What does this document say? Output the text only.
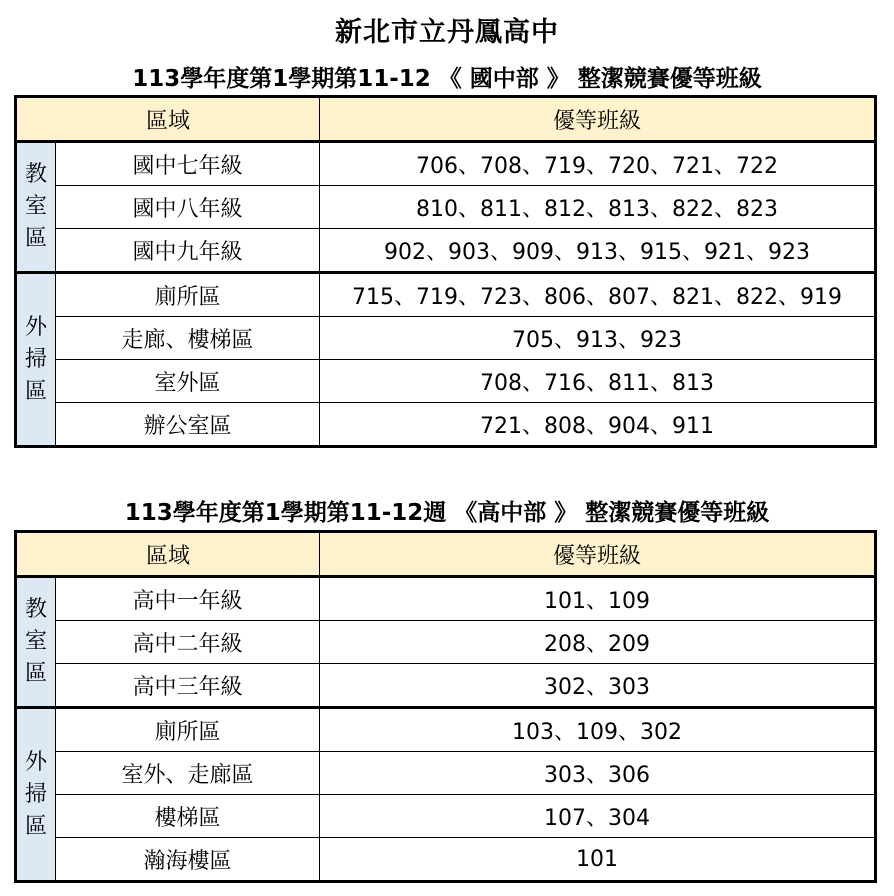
新北市立丹鳳高中
113學年度第1學期第11-12 《 國中部 》 整潔競賽優等班級
區域		優等班級

教室區	國中七年級	706、708、719、720、721、722
	國中八年級	810、811、812、813、822、823
	國中九年級	902、903、909、913、915、921、923

外掃區	廁所區	715、719、723、806、807、821、822、919
	走廊、樓梯區	705、913、923
	室外區	708、716、811、813
	辦公室區	721、808、904、911
113學年度第1學期第11-12週 《高中部 》 整潔競賽優等班級
區域		優等班級

教室區	高中一年級	101、109
	高中二年級	208、209
	高中三年級	302、303

外掃區	廁所區	103、109、302
	室外、走廊區	303、306
	樓梯區	107、304
	瀚海樓區	101
